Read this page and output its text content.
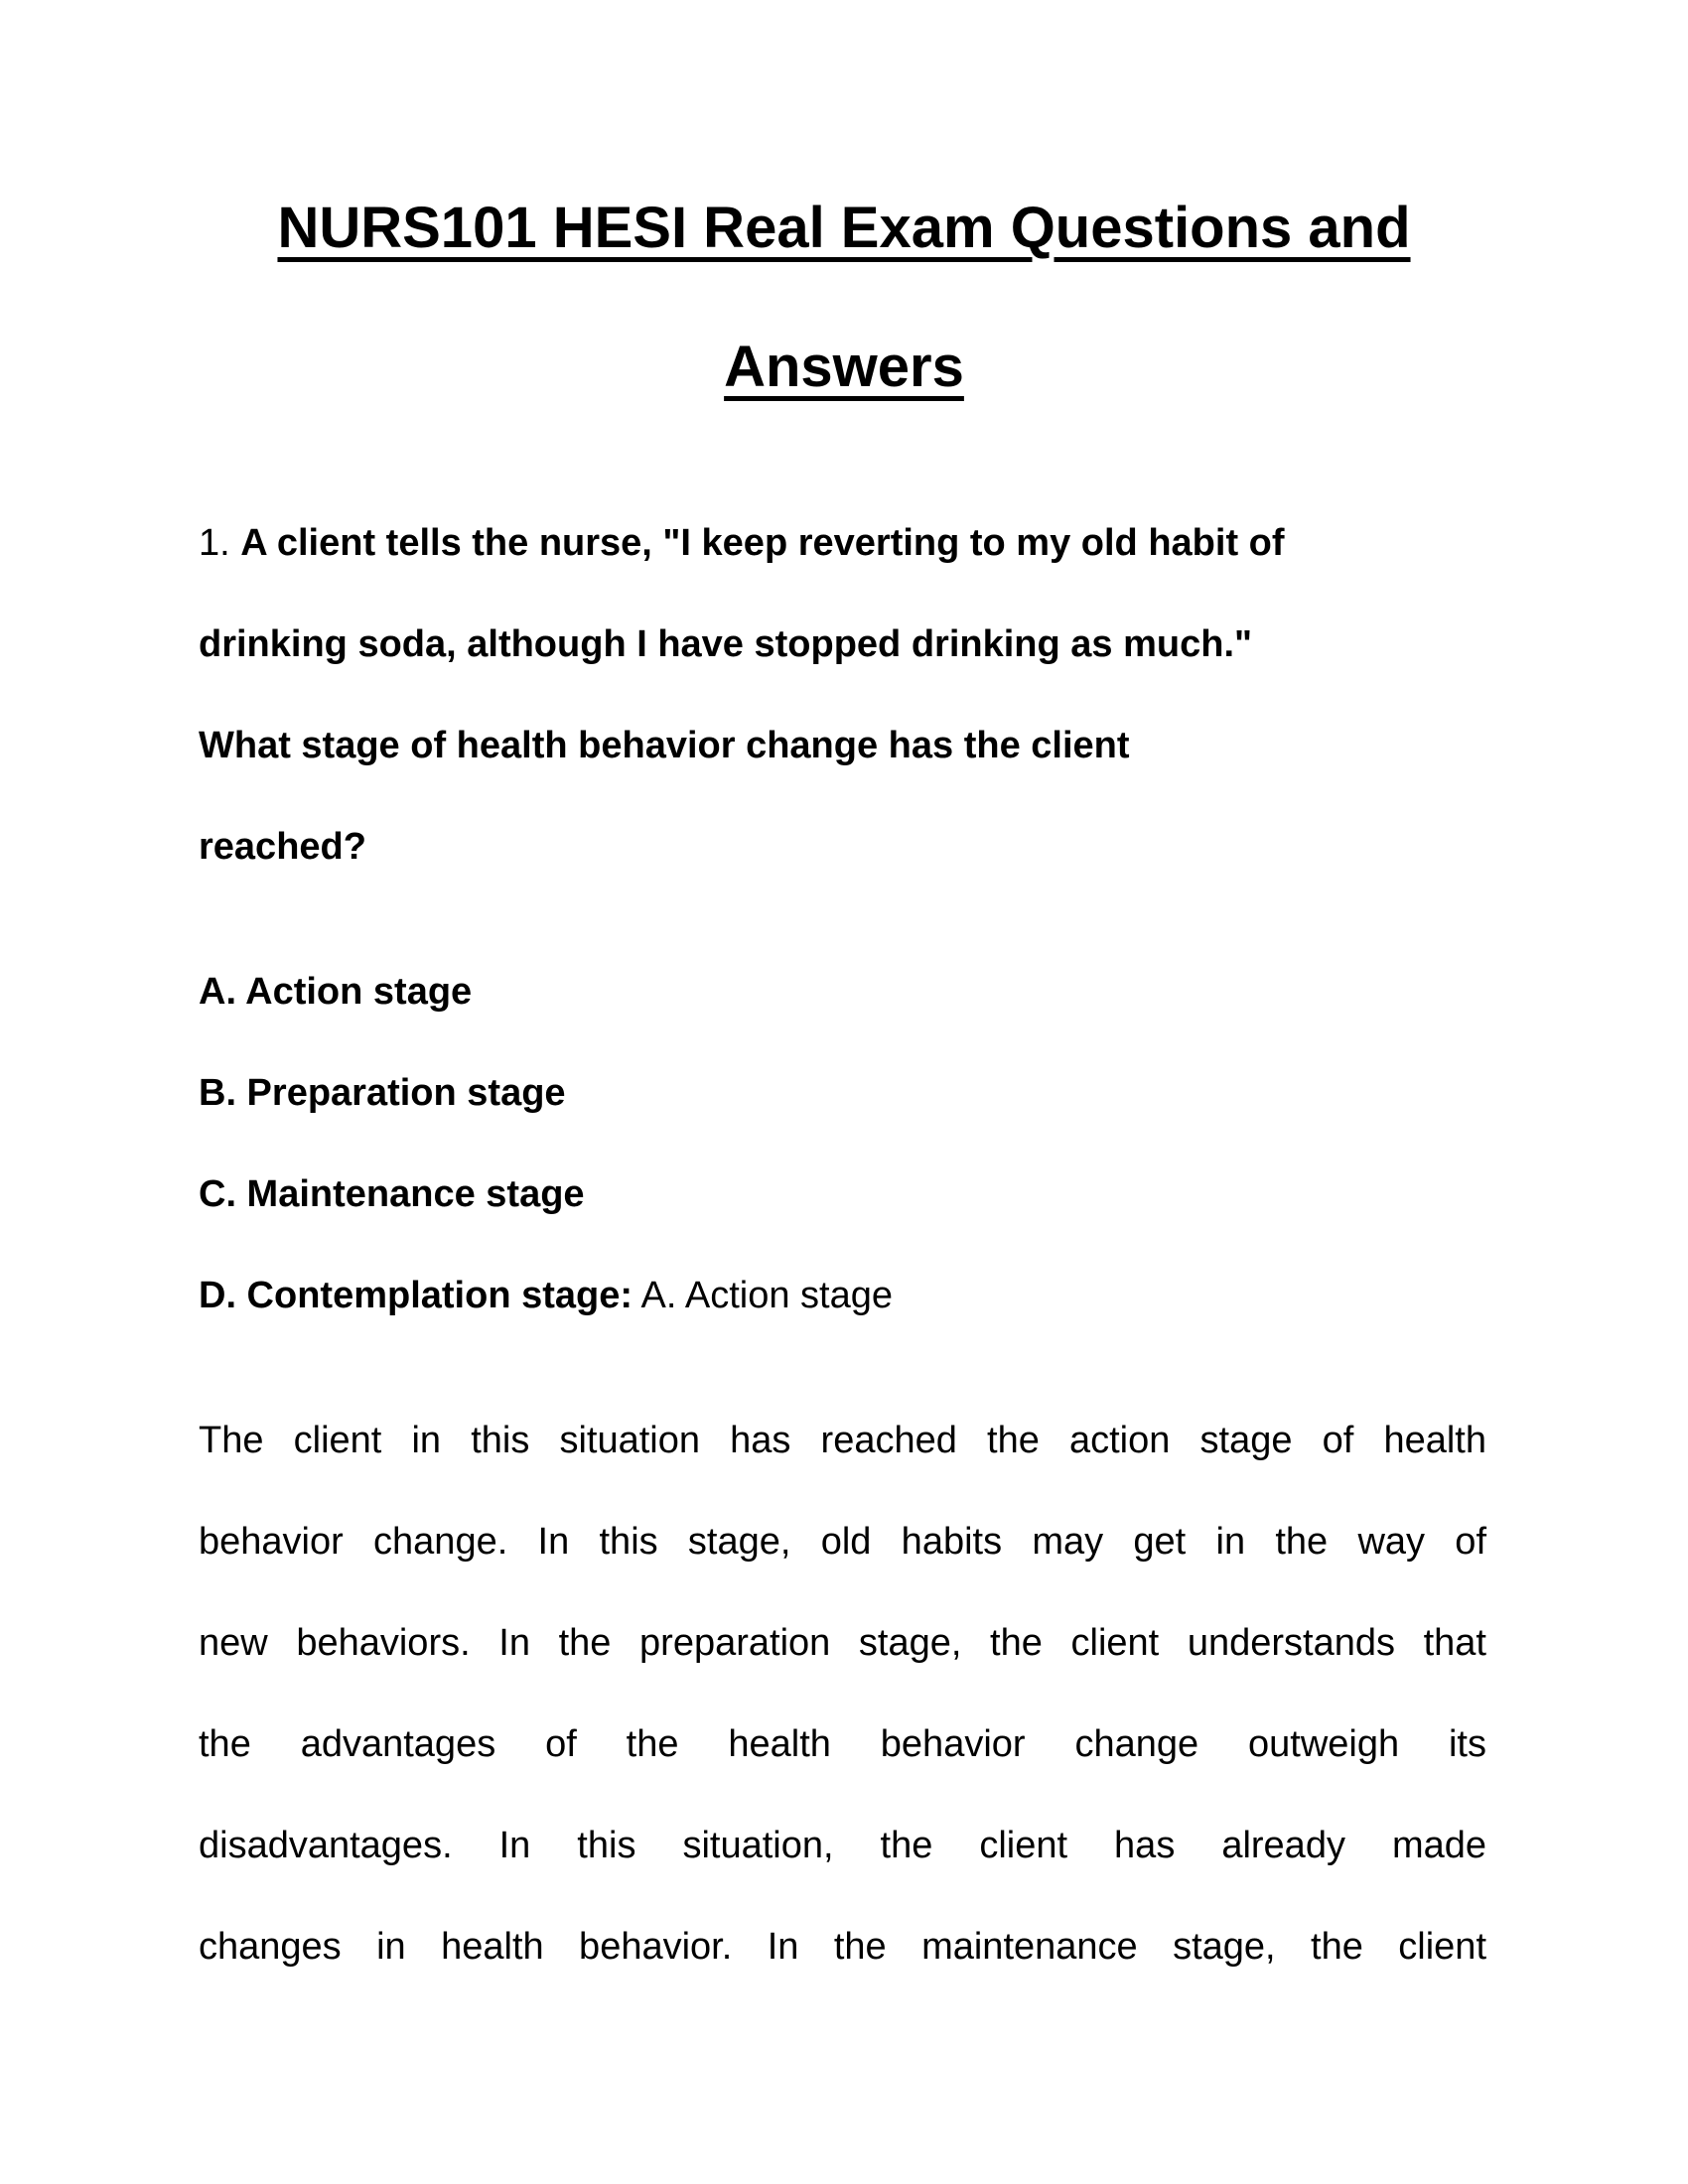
NURS101 HESI Real Exam Questions and
Answers
1. A client tells the nurse, "I keep reverting to my old habit of
drinking soda, although I have stopped drinking as much."
What stage of health behavior change has the client
reached?
A. Action stage
B. Preparation stage
C. Maintenance stage
D. Contemplation stage: A. Action stage
The client in this situation has reached the action stage of health
behavior change. In this stage, old habits may get in the way of
new behaviors. In the preparation stage, the client understands that
the advantages of the health behavior change outweigh its
disadvantages. In this situation, the client has already made
changes in health behavior. In the maintenance stage, the client
